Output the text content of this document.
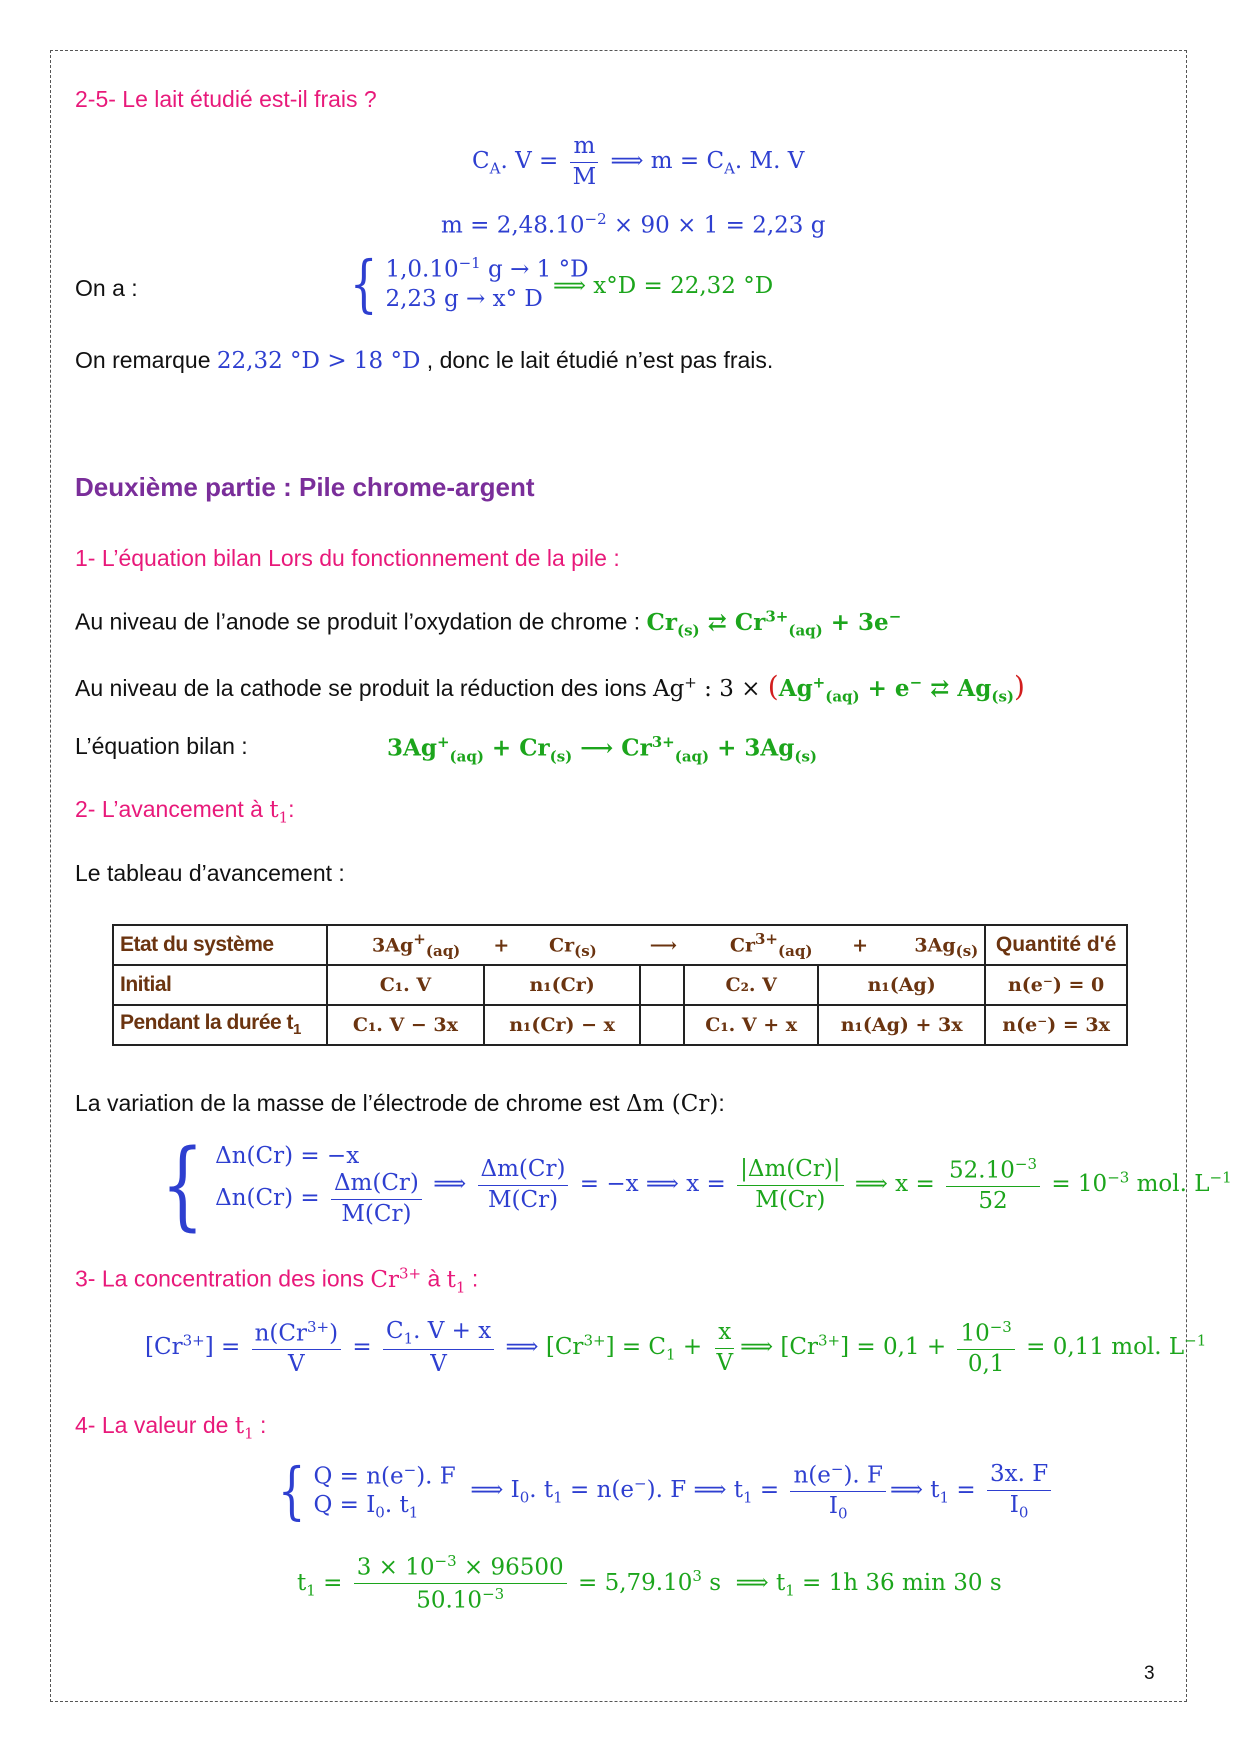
2-5- Le lait étudié est-il frais ?
$C_A$. $V = \frac{m}{M}$ ⟹ $m = C_A$. M. V
$m = 2,48.10^{-2} \times 90 \times 1 = 2,23$ g
On a :	{ $1,0.10^{-1}$ g → 1 °D
2,23 g → x° D ⟹ x°D = 22,32 °D
On remarque 22,32 °D > 18 °D , donc le lait étudié n’est pas frais.
Deuxième partie : Pile chrome-argent
1- L’équation bilan Lors du fonctionnement de la pile :
Au niveau de l’anode se produit l’oxydation de chrome : $Cr_{(s)}$ ⇄ $Cr^{3+}_{(aq)} + 3e^-$
Au niveau de la cathode se produit la réduction des ions Ag+ : $3 \times (Ag^+_{(aq)} + e^-$ ⇄ $Ag_{(s)}$)
L’équation bilan :	$3Ag^+_{(aq)} + Cr_{(s)}$ ⟶ $Cr^{3+}_{(aq)} + 3Ag_{(s)}$
2- L’avancement à $t_1$:
Le tableau d’avancement :
Etat du système	$3Ag^+_{(aq)} + Cr_{(s)}$ ⟶ $Cr^{3+}_{(aq)} + 3Ag_{(s)}$					Quantité d'é
Initial	C₁. V	n₁(Cr)		C₂. V	n₁(Ag)	n(e⁻) = 0
Pendant la durée $t_1$	C₁. V − 3x	n₁(Cr) − x		C₁. V + x	n₁(Ag) + 3x	n(e⁻) = 3x
La variation de la masse de l’électrode de chrome est Δm (Cr):
{ Δn(Cr) = −x
$\Delta n(Cr) = \frac{\Delta m(Cr)}{M(Cr)}$ ⟹ $\frac{\Delta m(Cr)}{M(Cr)} = -x$ ⟹ $x = \frac{|\Delta m(Cr)|}{M(Cr)}$ ⟹ $x = \frac{52.10^{-3}}{52} = 10^{-3}$ mol. $L^{-1}$
3- La concentration des ions $Cr^{3+}$ à $t_1$ :
$[Cr^{3+}] = \frac{n(Cr^{3+})}{V} = \frac{C_1. V + x}{V}$ ⟹ $[Cr^{3+}] = C_1 + \frac{x}{V}$ ⟹ $[Cr^{3+}] = 0,1 + \frac{10^{-3}}{0,1} = 0,11$ mol. $L^{-1}$
4- La valeur de $t_1$ :
{ Q = n(e−). F
$Q = I_0$. $t_1$
⟹ $I_0$. $t_1 = n(e^-)$. F ⟹ $t_1 = \frac{n(e^-). F}{I_0}$ ⟹ $t_1 = \frac{3x. F}{I_0}$
$t_1 = \frac{3 \times 10^{-3} \times 96500}{50.10^{-3}} = 5,79.10^3$ s  ⟹ $t_1 = 1h$ 36 min 30 s
3
